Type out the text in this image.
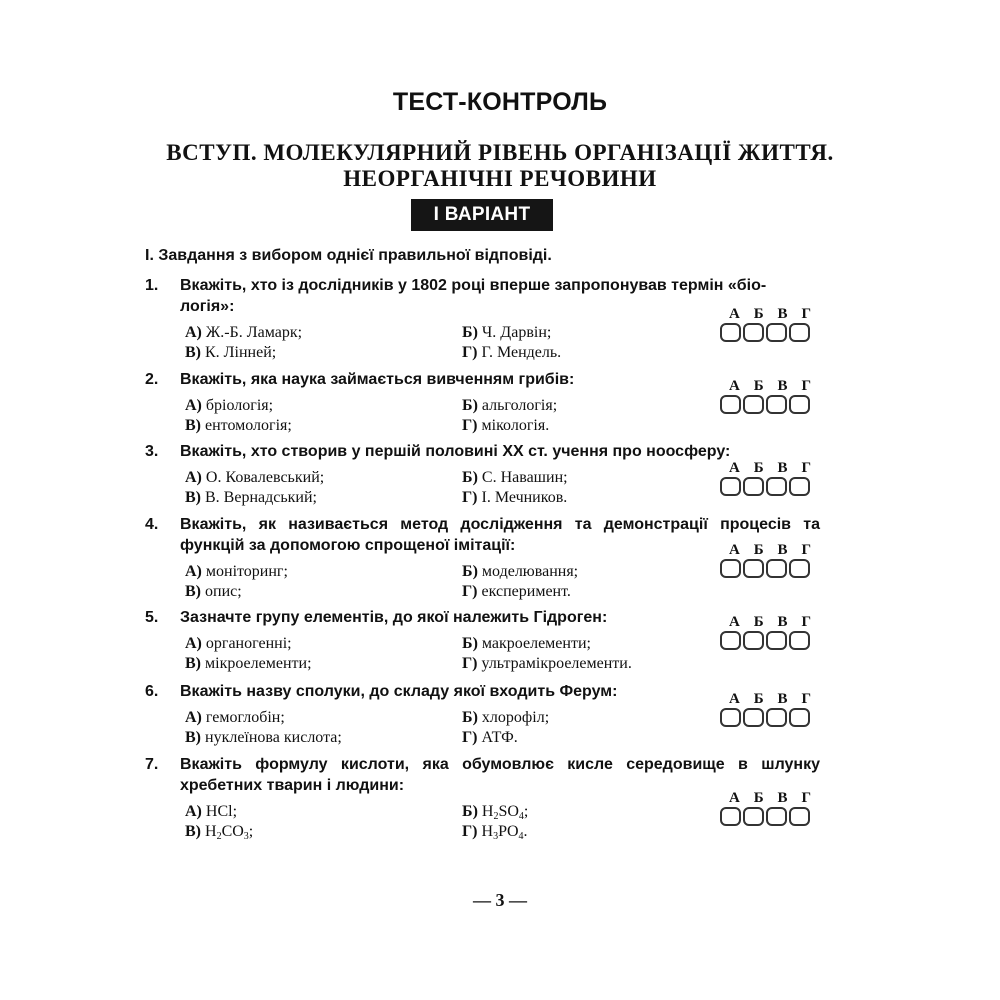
ТЕСТ-КОНТРОЛЬ
ВСТУП. МОЛЕКУЛЯРНИЙ РІВЕНЬ ОРГАНІЗАЦІЇ ЖИТТЯ.
НЕОРГАНІЧНІ РЕЧОВИНИ
І ВАРІАНТ
І. Завдання з вибором однієї правильної відповіді.
1.	Вкажіть, хто із дослідників у 1802 році вперше запропонував термін «біо-
логія»:
А) Ж.-Б. Ламарк;	Б) Ч. Дарвін;
В) К. Лінней;	Г) Г. Мендель.
А Б В Г
2.	Вкажіть, яка наука займається вивченням грибів:
А) бріологія;	Б) альгологія;
В) ентомологія;	Г) мікологія.
А Б В Г
3.	Вкажіть, хто створив у першій половині ХХ ст. учення про ноосферу:
А) О. Ковалевський;	Б) С. Навашин;
В) В. Вернадський;	Г) І. Мечников.
А Б В Г
4.	Вкажіть, як називається метод дослідження та демонстрації процесів та функцій за допомогою спрощеної імітації:
А) моніторинг;	Б) моделювання;
В) опис;	Г) експеримент.
А Б В Г
5.	Зазначте групу елементів, до якої належить Гідроген:
А) органогенні;	Б) макроелементи;
В) мікроелементи;	Г) ультрамікроелементи.
А Б В Г
6.	Вкажіть назву сполуки, до складу якої входить Ферум:
А) гемоглобін;	Б) хлорофіл;
В) нуклеїнова кислота;	Г) АТФ.
А Б В Г
7.	Вкажіть формулу кислоти, яка обумовлює кисле середовище в шлунку хребетних тварин і людини:
А) HCl;	Б) $H_2SO_4$;
В) $H_2CO_3$;	Г) $H_3PO_4$.
А Б В Г
— 3 —
